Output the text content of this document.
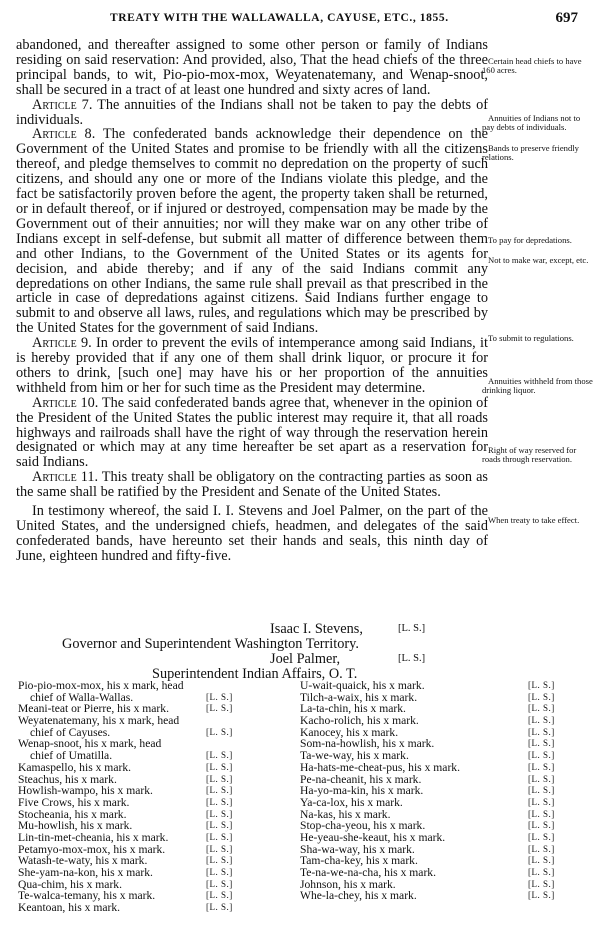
TREATY WITH THE WALLAWALLA, CAYUSE, ETC., 1855.	697

abandoned, and thereafter assigned to some other person or family of Indians residing on said reservation: And provided, also, That the head chiefs of the three principal bands, to wit, Pio-pio-mox-mox, Weyatenatemany, and Wenap-snoot, shall be secured in a tract of at least one hundred and sixty acres of land.

Article 7. The annuities of the Indians shall not be taken to pay the debts of individuals.

Article 8. The confederated bands acknowledge their dependence on the Government of the United States and promise to be friendly with all the citizens thereof, and pledge themselves to commit no depredation on the property of such citizens, and should any one or more of the Indians violate this pledge, and the fact be satisfactorily proven before the agent, the property taken shall be returned, or in default thereof, or if injured or destroyed, compensation may be made by the Government out of their annuities; nor will they make war on any other tribe of Indians except in self-defense, but submit all matter of difference between them and other Indians, to the Government of the United States or its agents for decision, and abide thereby; and if any of the said Indians commit any depredations on other Indians, the same rule shall prevail as that prescribed in the article in case of depredations against citizens. Said Indians further engage to submit to and observe all laws, rules, and regulations which may be prescribed by the United States for the government of said Indians.

Article 9. In order to prevent the evils of intemperance among said Indians, it is hereby provided that if any one of them shall drink liquor, or procure it for others to drink, [such one] may have his or her proportion of the annuities withheld from him or her for such time as the President may determine.

Article 10. The said confederated bands agree that, whenever in the opinion of the President of the United States the public interest may require it, that all roads highways and railroads shall have the right of way through the reservation herein designated or which may at any time hereafter be set apart as a reservation for said Indians.

Article 11. This treaty shall be obligatory on the contracting parties as soon as the same shall be ratified by the President and Senate of the United States.

In testimony whereof, the said I. I. Stevens and Joel Palmer, on the part of the United States, and the undersigned chiefs, headmen, and delegates of the said confederated bands, have hereunto set their hands and seals, this ninth day of June, eighteen hundred and fifty-five.

Certain head chiefs to have 160 acres.
Annuities of Indians not to pay debts of individuals.
Bands to preserve friendly relations.
To pay for depredations.
Not to make war, except, etc.
To submit to regulations.
Annuities withheld from those drinking liquor.
Right of way reserved for roads through reservation.
When treaty to take effect.
Isaac I. Stevens,	[L. S.]
Governor and Superintendent Washington Territory.
Joel Palmer,	[L. S.]
Superintendent Indian Affairs, O. T.
Pio-pio-mox-mox, his x mark, head
chief of Walla-Wallas.	[L. S.]
Meani-teat or Pierre, his x mark.	[L. S.]
Weyatenatemany, his x mark, head
chief of Cayuses.	[L. S.]
Wenap-snoot, his x mark, head
chief of Umatilla.	[L. S.]
Kamaspello, his x mark.	[L. S.]
Steachus, his x mark.	[L. S.]
Howlish-wampo, his x mark.	[L. S.]
Five Crows, his x mark.	[L. S.]
Stocheania, his x mark.	[L. S.]
Mu-howlish, his x mark.	[L. S.]
Lin-tin-met-cheania, his x mark.	[L. S.]
Petamyo-mox-mox, his x mark.	[L. S.]
Watash-te-waty, his x mark.	[L. S.]
She-yam-na-kon, his x mark.	[L. S.]
Qua-chim, his x mark.	[L. S.]
Te-walca-temany, his x mark.	[L. S.]
Keantoan, his x mark.	[L. S.]
U-wait-quaick, his x mark.	[L. S.]
Tilch-a-waix, his x mark.	[L. S.]
La-ta-chin, his x mark.	[L. S.]
Kacho-rolich, his x mark.	[L. S.]
Kanocey, his x mark.	[L. S.]
Som-na-howlish, his x mark.	[L. S.]
Ta-we-way, his x mark.	[L. S.]
Ha-hats-me-cheat-pus, his x mark.	[L. S.]
Pe-na-cheanit, his x mark.	[L. S.]
Ha-yo-ma-kin, his x mark.	[L. S.]
Ya-ca-lox, his x mark.	[L. S.]
Na-kas, his x mark.	[L. S.]
Stop-cha-yeou, his x mark.	[L. S.]
He-yeau-she-keaut, his x mark.	[L. S.]
Sha-wa-way, his x mark.	[L. S.]
Tam-cha-key, his x mark.	[L. S.]
Te-na-we-na-cha, his x mark.	[L. S.]
Johnson, his x mark.	[L. S.]
Whe-la-chey, his x mark.	[L. S.]
